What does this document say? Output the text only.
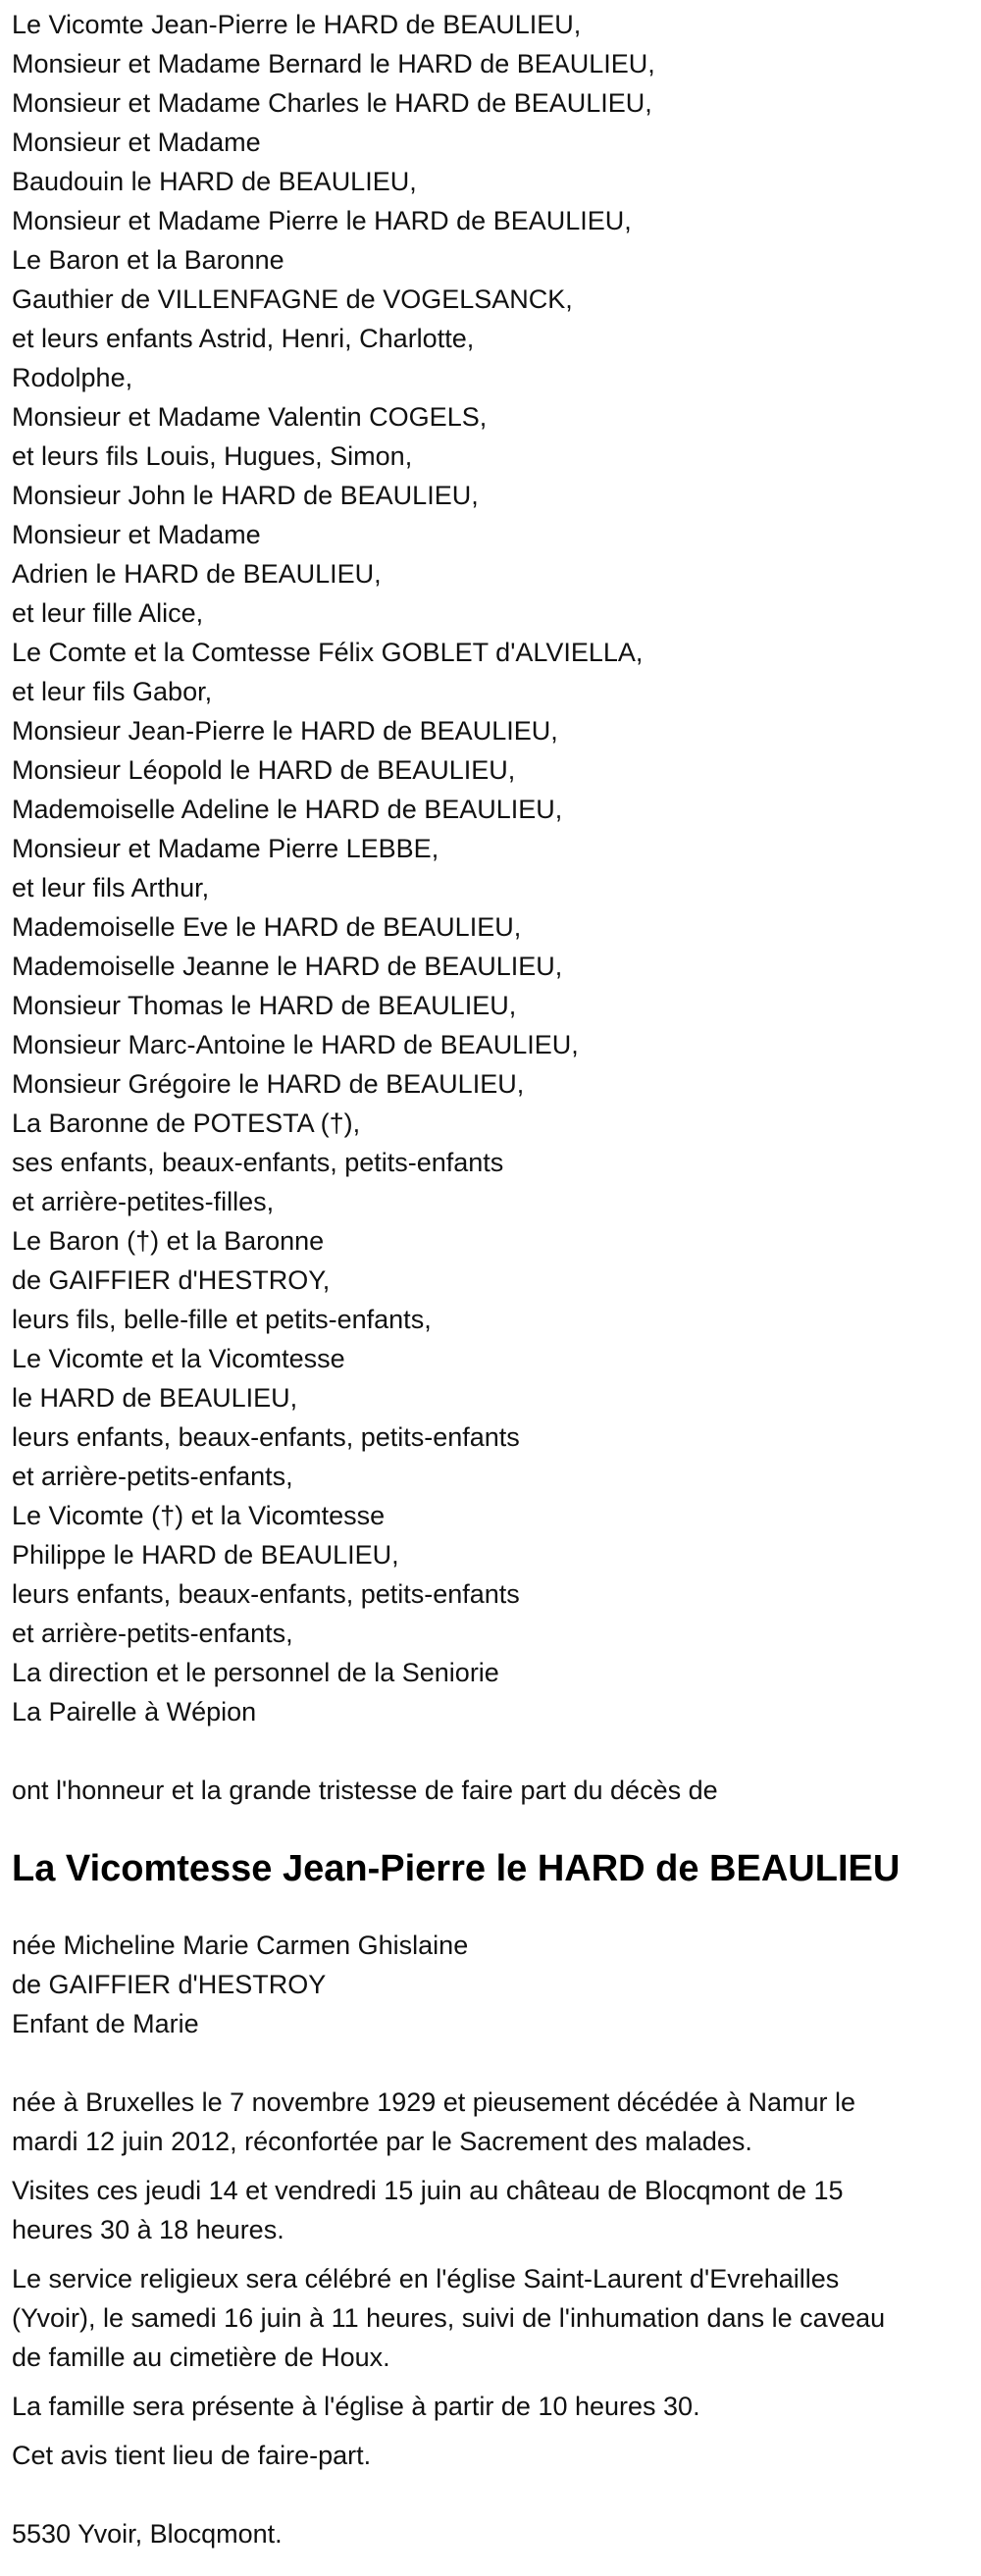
Le Vicomte Jean-Pierre le HARD de BEAULIEU,
Monsieur et Madame Bernard le HARD de BEAULIEU,
Monsieur et Madame Charles le HARD de BEAULIEU,
Monsieur et Madame
Baudouin le HARD de BEAULIEU,
Monsieur et Madame Pierre le HARD de BEAULIEU,
Le Baron et la Baronne
Gauthier de VILLENFAGNE de VOGELSANCK,
et leurs enfants Astrid, Henri, Charlotte,
Rodolphe,
Monsieur et Madame Valentin COGELS,
et leurs fils Louis, Hugues, Simon,
Monsieur John le HARD de BEAULIEU,
Monsieur et Madame
Adrien le HARD de BEAULIEU,
et leur fille Alice,
Le Comte et la Comtesse Félix GOBLET d'ALVIELLA,
et leur fils Gabor,
Monsieur Jean-Pierre le HARD de BEAULIEU,
Monsieur Léopold le HARD de BEAULIEU,
Mademoiselle Adeline le HARD de BEAULIEU,
Monsieur et Madame Pierre LEBBE,
et leur fils Arthur,
Mademoiselle Eve le HARD de BEAULIEU,
Mademoiselle Jeanne le HARD de BEAULIEU,
Monsieur Thomas le HARD de BEAULIEU,
Monsieur Marc-Antoine le HARD de BEAULIEU,
Monsieur Grégoire le HARD de BEAULIEU,
La Baronne de POTESTA (†),
ses enfants, beaux-enfants, petits-enfants
et arrière-petites-filles,
Le Baron (†) et la Baronne
de GAIFFIER d'HESTROY,
leurs fils, belle-fille et petits-enfants,
Le Vicomte et la Vicomtesse
le HARD de BEAULIEU,
leurs enfants, beaux-enfants, petits-enfants
et arrière-petits-enfants,
Le Vicomte (†) et la Vicomtesse
Philippe le HARD de BEAULIEU,
leurs enfants, beaux-enfants, petits-enfants
et arrière-petits-enfants,
La direction et le personnel de la Seniorie
La Pairelle à Wépion
ont l'honneur et la grande tristesse de faire part du décès de
La Vicomtesse Jean-Pierre le HARD de BEAULIEU
née Micheline Marie Carmen Ghislaine
de GAIFFIER d'HESTROY
Enfant de Marie

née à Bruxelles le 7 novembre 1929 et pieusement décédée à Namur le
mardi 12 juin 2012, réconfortée par le Sacrement des malades.

Visites ces jeudi 14 et vendredi 15 juin au château de Blocqmont de 15
heures 30 à 18 heures.

Le service religieux sera célébré en l'église Saint-Laurent d'Evrehailles
(Yvoir), le samedi 16 juin à 11 heures, suivi de l'inhumation dans le caveau
de famille au cimetière de Houx.

La famille sera présente à l'église à partir de 10 heures 30.

Cet avis tient lieu de faire-part.

5530 Yvoir, Blocqmont.
